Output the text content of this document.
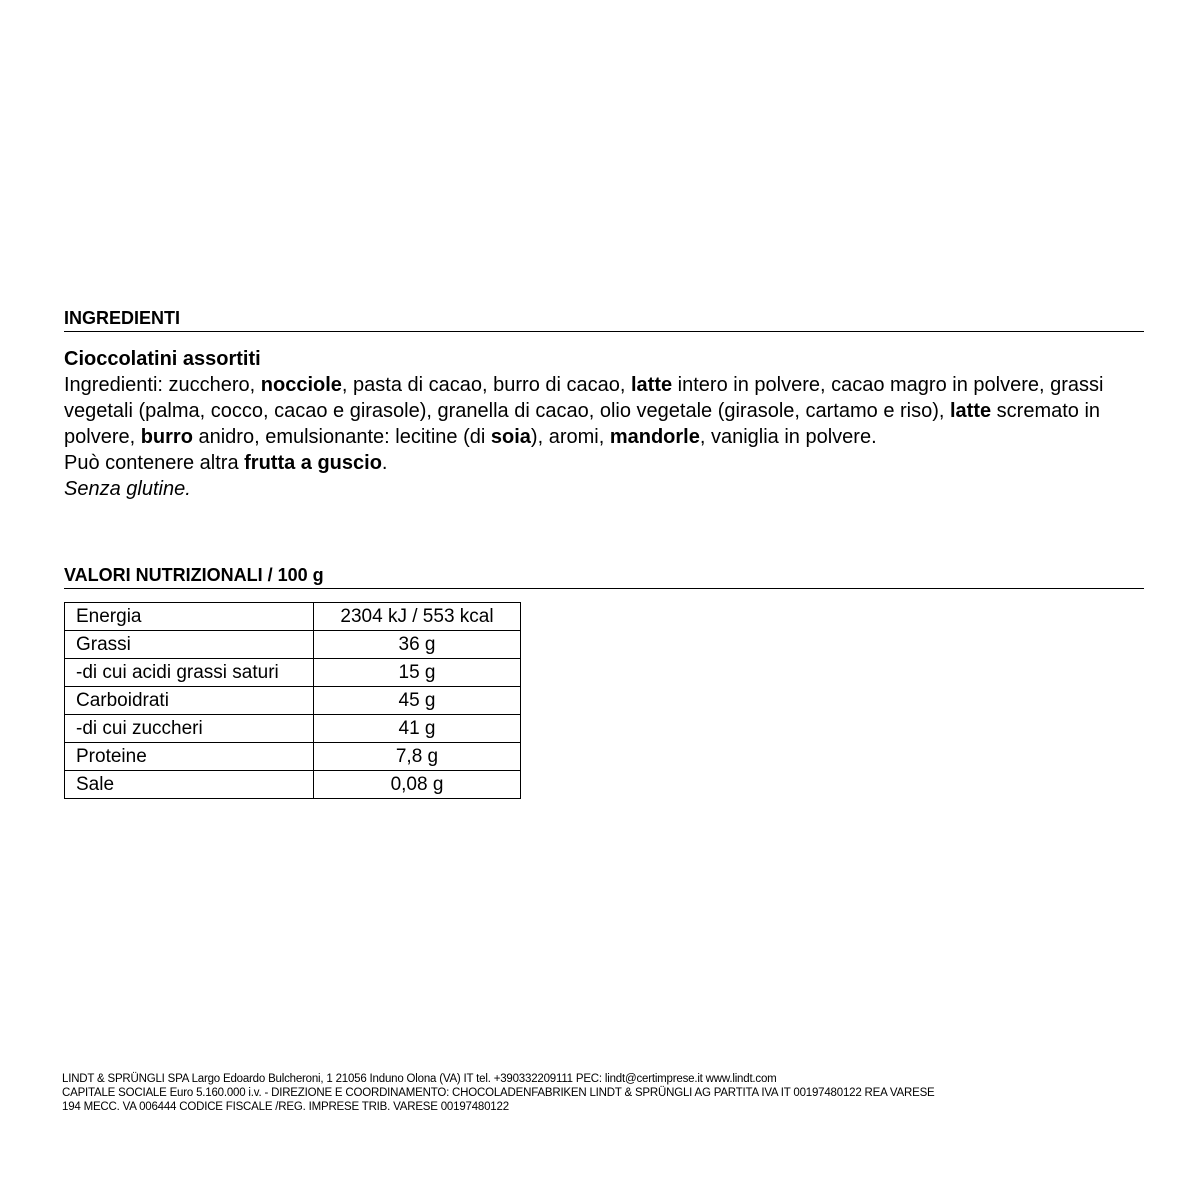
INGREDIENTI

Cioccolatini assortiti

Ingredienti: zucchero, nocciole, pasta di cacao, burro di cacao, latte intero in polvere, cacao magro in polvere, grassi vegetali (palma, cocco, cacao e girasole), granella di cacao, olio vegetale (girasole, cartamo e riso), latte scremato in polvere, burro anidro, emulsionante: lecitine (di soia), aromi, mandorle, vaniglia in polvere.

Può contenere altra frutta a guscio.

Senza glutine.

VALORI NUTRIZIONALI / 100 g
Energia	2304 kJ / 553 kcal
Grassi	36 g
-di cui acidi grassi saturi	15 g
Carboidrati	45 g
-di cui zuccheri	41 g
Proteine	7,8 g
Sale	0,08 g

LINDT & SPRÜNGLI SPA Largo Edoardo Bulcheroni, 1 21056 Induno Olona (VA) IT tel. +390332209111 PEC: lindt@certimprese.it www.lindt.com

CAPITALE SOCIALE Euro 5.160.000 i.v. - DIREZIONE E COORDINAMENTO: CHOCOLADENFABRIKEN LINDT & SPRÜNGLI AG PARTITA IVA IT 00197480122 REA VARESE

194 MECC. VA 006444 CODICE FISCALE /REG. IMPRESE TRIB. VARESE 00197480122
